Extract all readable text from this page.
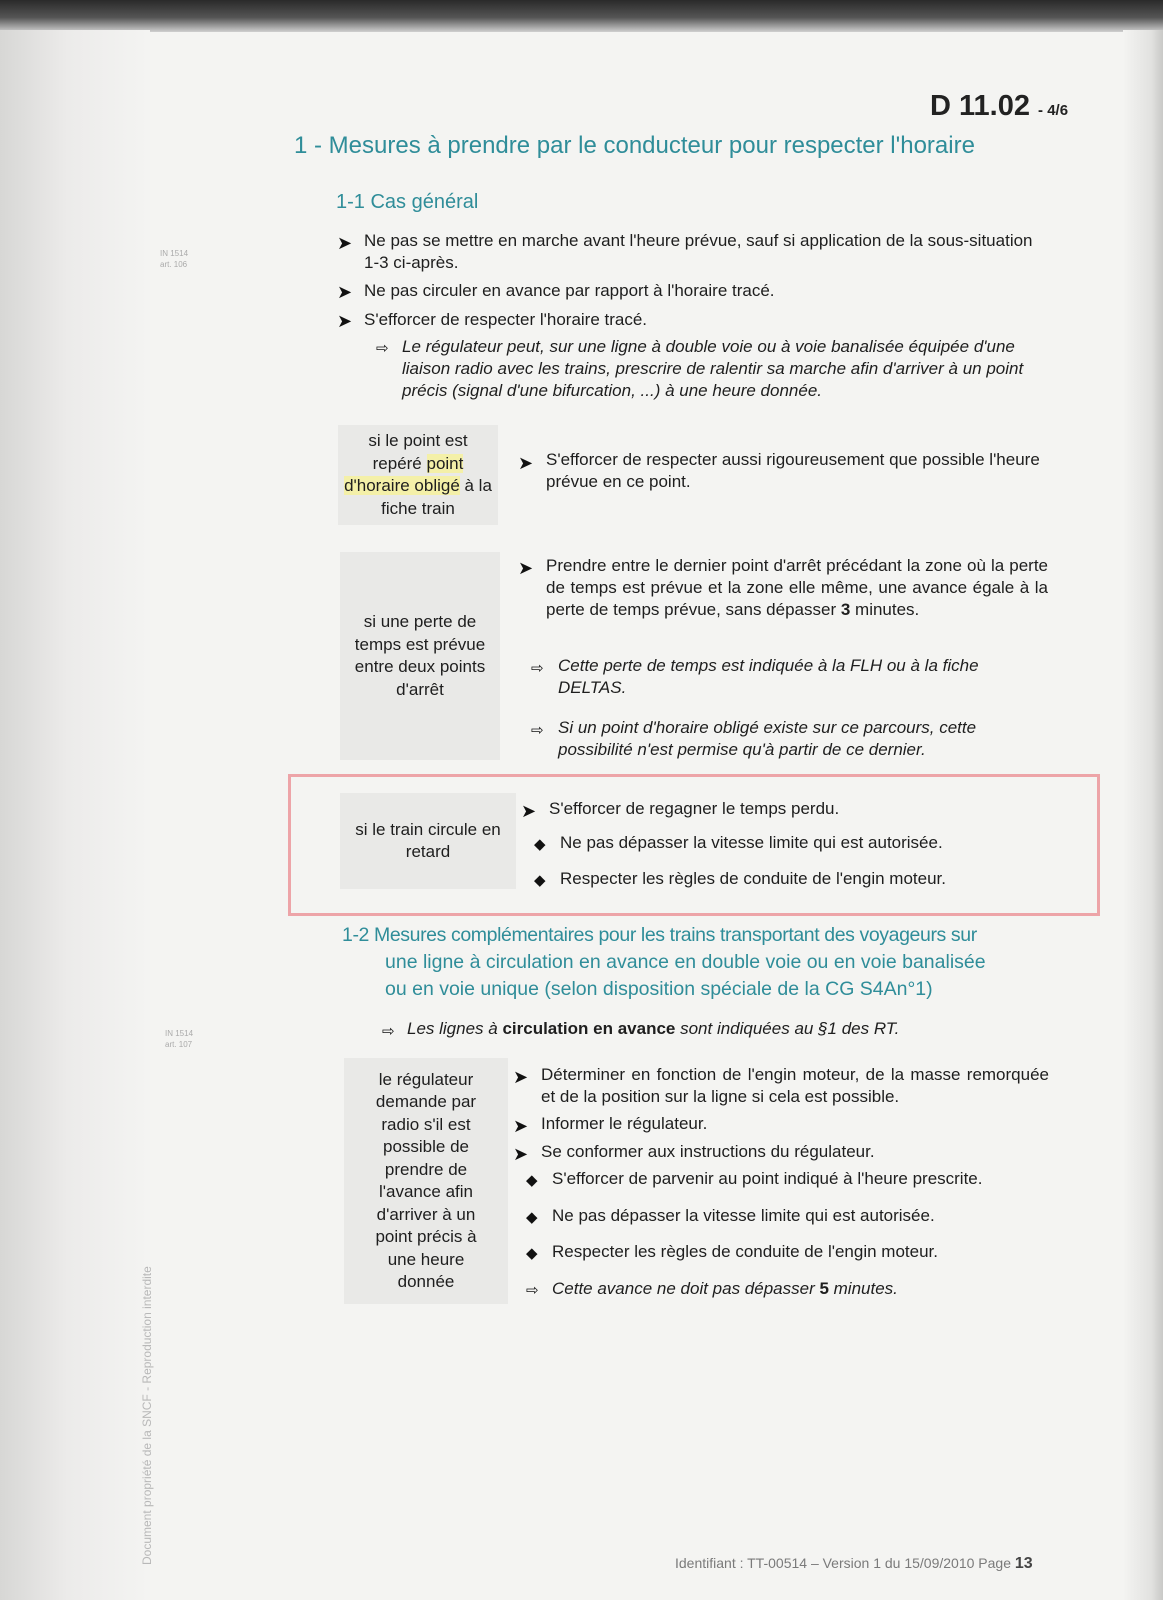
D 11.02 - 4/6
IN 1514
art. 106
IN 1514
art. 107
1 - Mesures à prendre par le conducteur pour respecter l'horaire
1-1 Cas général
➤ Ne pas se mettre en marche avant l'heure prévue, sauf si application de la sous-situation 1-3 ci-après.
➤ Ne pas circuler en avance par rapport à l'horaire tracé.
➤ S'efforcer de respecter l'horaire tracé.
⇨ Le régulateur peut, sur une ligne à double voie ou à voie banalisée équipée d'une liaison radio avec les trains, prescrire de ralentir sa marche afin d'arriver à un point précis (signal d'une bifurcation, ...) à une heure donnée.
si le point est repéré point d'horaire obligé à la fiche train
➤ S'efforcer de respecter aussi rigoureusement que possible l'heure prévue en ce point.
si une perte de temps est prévue entre deux points d'arrêt
➤ Prendre entre le dernier point d'arrêt précédant la zone où la perte de temps est prévue et la zone elle même, une avance égale à la perte de temps prévue, sans dépasser 3 minutes.
⇨ Cette perte de temps est indiquée à la FLH ou à la fiche DELTAS.
⇨ Si un point d'horaire obligé existe sur ce parcours, cette possibilité n'est permise qu'à partir de ce dernier.
si le train circule en retard
➤ S'efforcer de regagner le temps perdu.
◆ Ne pas dépasser la vitesse limite qui est autorisée.
◆ Respecter les règles de conduite de l'engin moteur.
1-2 Mesures complémentaires pour les trains transportant des voyageurs sur
une ligne à circulation en avance en double voie ou en voie banalisée
ou en voie unique (selon disposition spéciale de la CG S4An°1)
⇨ Les lignes à circulation en avance sont indiquées au §1 des RT.
le régulateur demande par radio s'il est possible de prendre de l'avance afin d'arriver à un point précis à une heure donnée
➤ Déterminer en fonction de l'engin moteur, de la masse remorquée et de la position sur la ligne si cela est possible.
➤ Informer le régulateur.
➤ Se conformer aux instructions du régulateur.
◆ S'efforcer de parvenir au point indiqué à l'heure prescrite.
◆ Ne pas dépasser la vitesse limite qui est autorisée.
◆ Respecter les règles de conduite de l'engin moteur.
⇨ Cette avance ne doit pas dépasser 5 minutes.
Document propriété de la SNCF - Reproduction interdite	Identifiant : TT-00514 – Version 1 du 15/09/2010 Page 13
